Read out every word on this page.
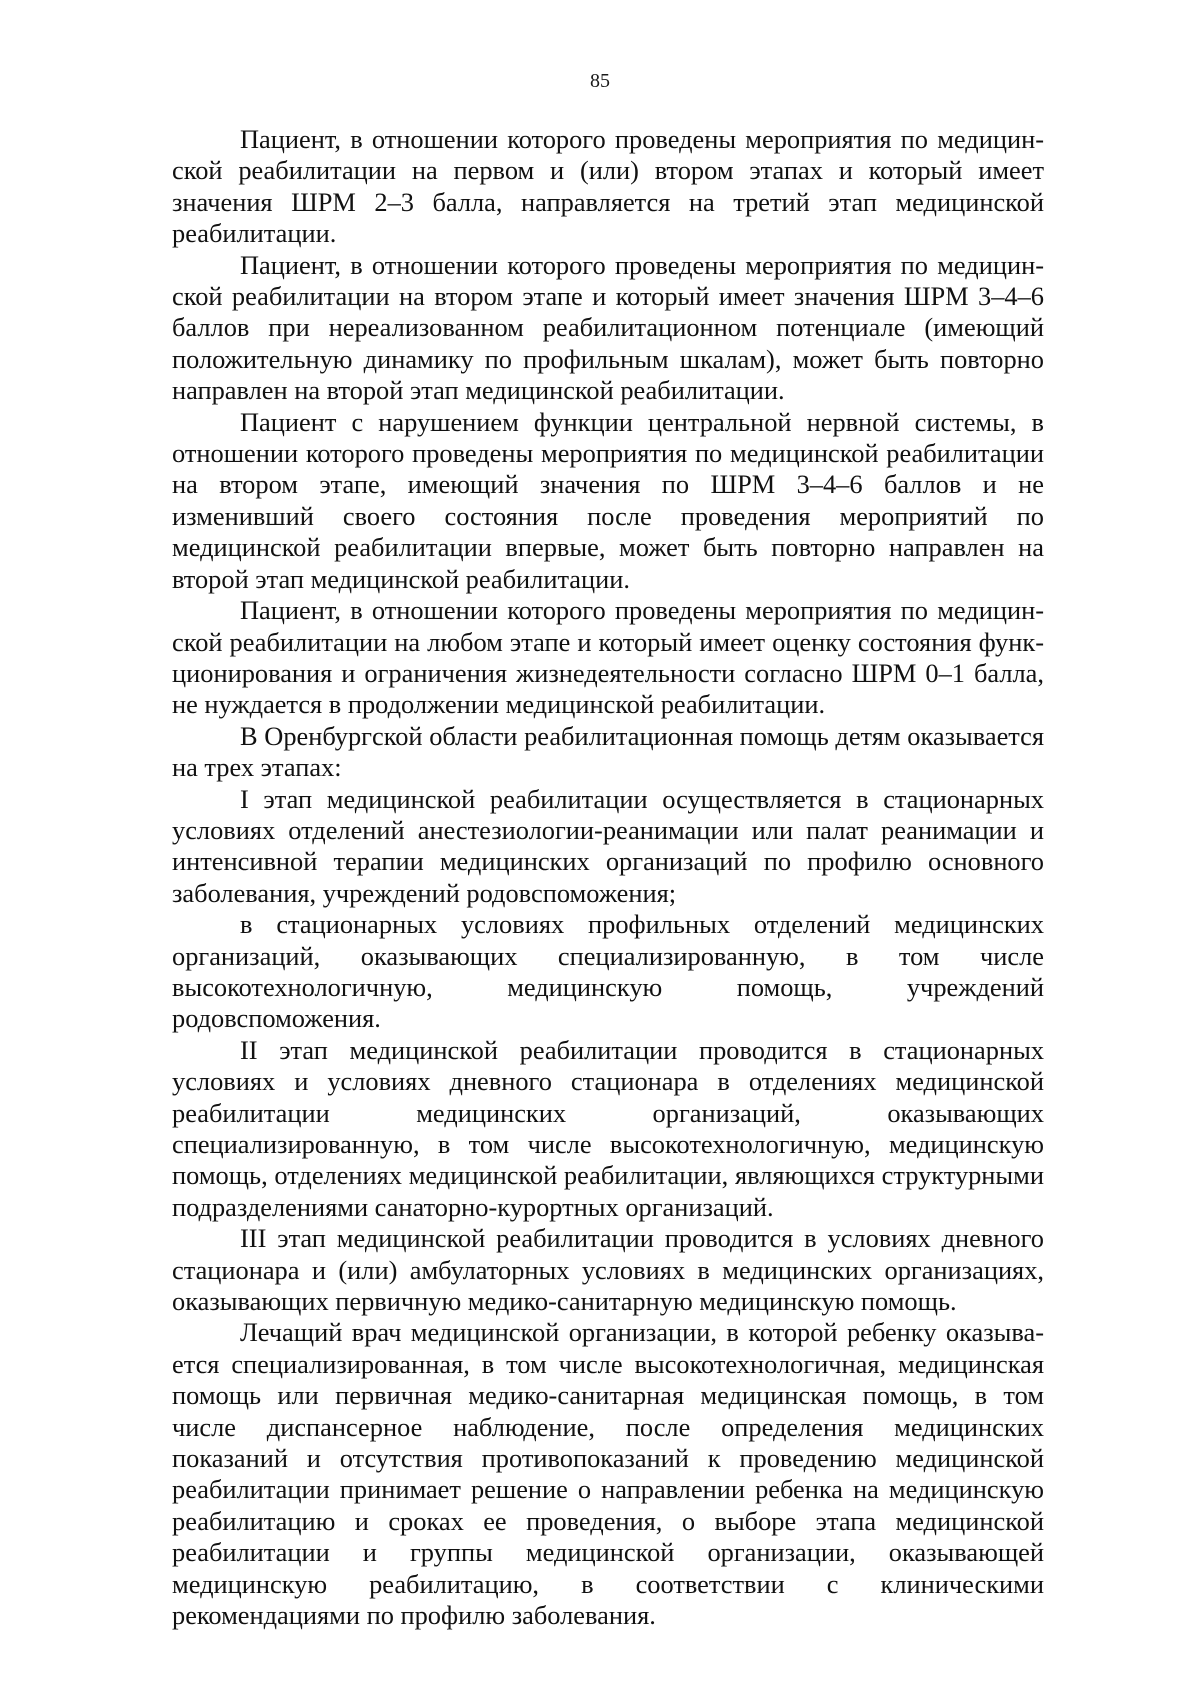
85

Пациент, в отношении которого проведены мероприятия по медицинской реабилитации на первом и (или) втором этапах и который имеет значения ШРМ 2–3 балла, направляется на третий этап медицинской реабилитации.

Пациент, в отношении которого проведены мероприятия по медицинской реабилитации на втором этапе и который имеет значения ШРМ 3–4–6 баллов при нереализованном реабилитационном потенциале (имеющий положительную динамику по профильным шкалам), может быть повторно направлен на второй этап медицинской реабилитации.

Пациент с нарушением функции центральной нервной системы, в отношении которого проведены мероприятия по медицинской реабилитации на втором этапе, имеющий значения по ШРМ 3–4–6 баллов и не изменивший своего состояния после проведения мероприятий по медицинской реабилитации впервые, может быть повторно направлен на второй этап медицинской реабилитации.

Пациент, в отношении которого проведены мероприятия по медицинской реабилитации на любом этапе и который имеет оценку состояния функционирования и ограничения жизнедеятельности согласно ШРМ 0–1 балла, не нуждается в продолжении медицинской реабилитации.

В Оренбургской области реабилитационная помощь детям оказывается на трех этапах:

I этап медицинской реабилитации осуществляется в стационарных условиях отделений анестезиологии-реанимации или палат реанимации и интенсивной терапии медицинских организаций по профилю основного заболевания, учреждений родовспоможения;

в стационарных условиях профильных отделений медицинских организаций, оказывающих специализированную, в том числе высокотехнологичную, медицинскую помощь, учреждений родовспоможения.

II этап медицинской реабилитации проводится в стационарных условиях и условиях дневного стационара в отделениях медицинской реабилитации медицинских организаций, оказывающих специализированную, в том числе высокотехнологичную, медицинскую помощь, отделениях медицинской реабилитации, являющихся структурными подразделениями санаторно-курортных организаций.

III этап медицинской реабилитации проводится в условиях дневного стационара и (или) амбулаторных условиях в медицинских организациях, оказывающих первичную медико-санитарную медицинскую помощь.

Лечащий врач медицинской организации, в которой ребенку оказывается специализированная, в том числе высокотехнологичная, медицинская помощь или первичная медико-санитарная медицинская помощь, в том числе диспансерное наблюдение, после определения медицинских показаний и отсутствия противопоказаний к проведению медицинской реабилитации принимает решение о направлении ребенка на медицинскую реабилитацию и сроках ее проведения, о выборе этапа медицинской реабилитации и группы медицинской организации, оказывающей медицинскую реабилитацию, в соответствии с клиническими рекомендациями по профилю заболевания.
